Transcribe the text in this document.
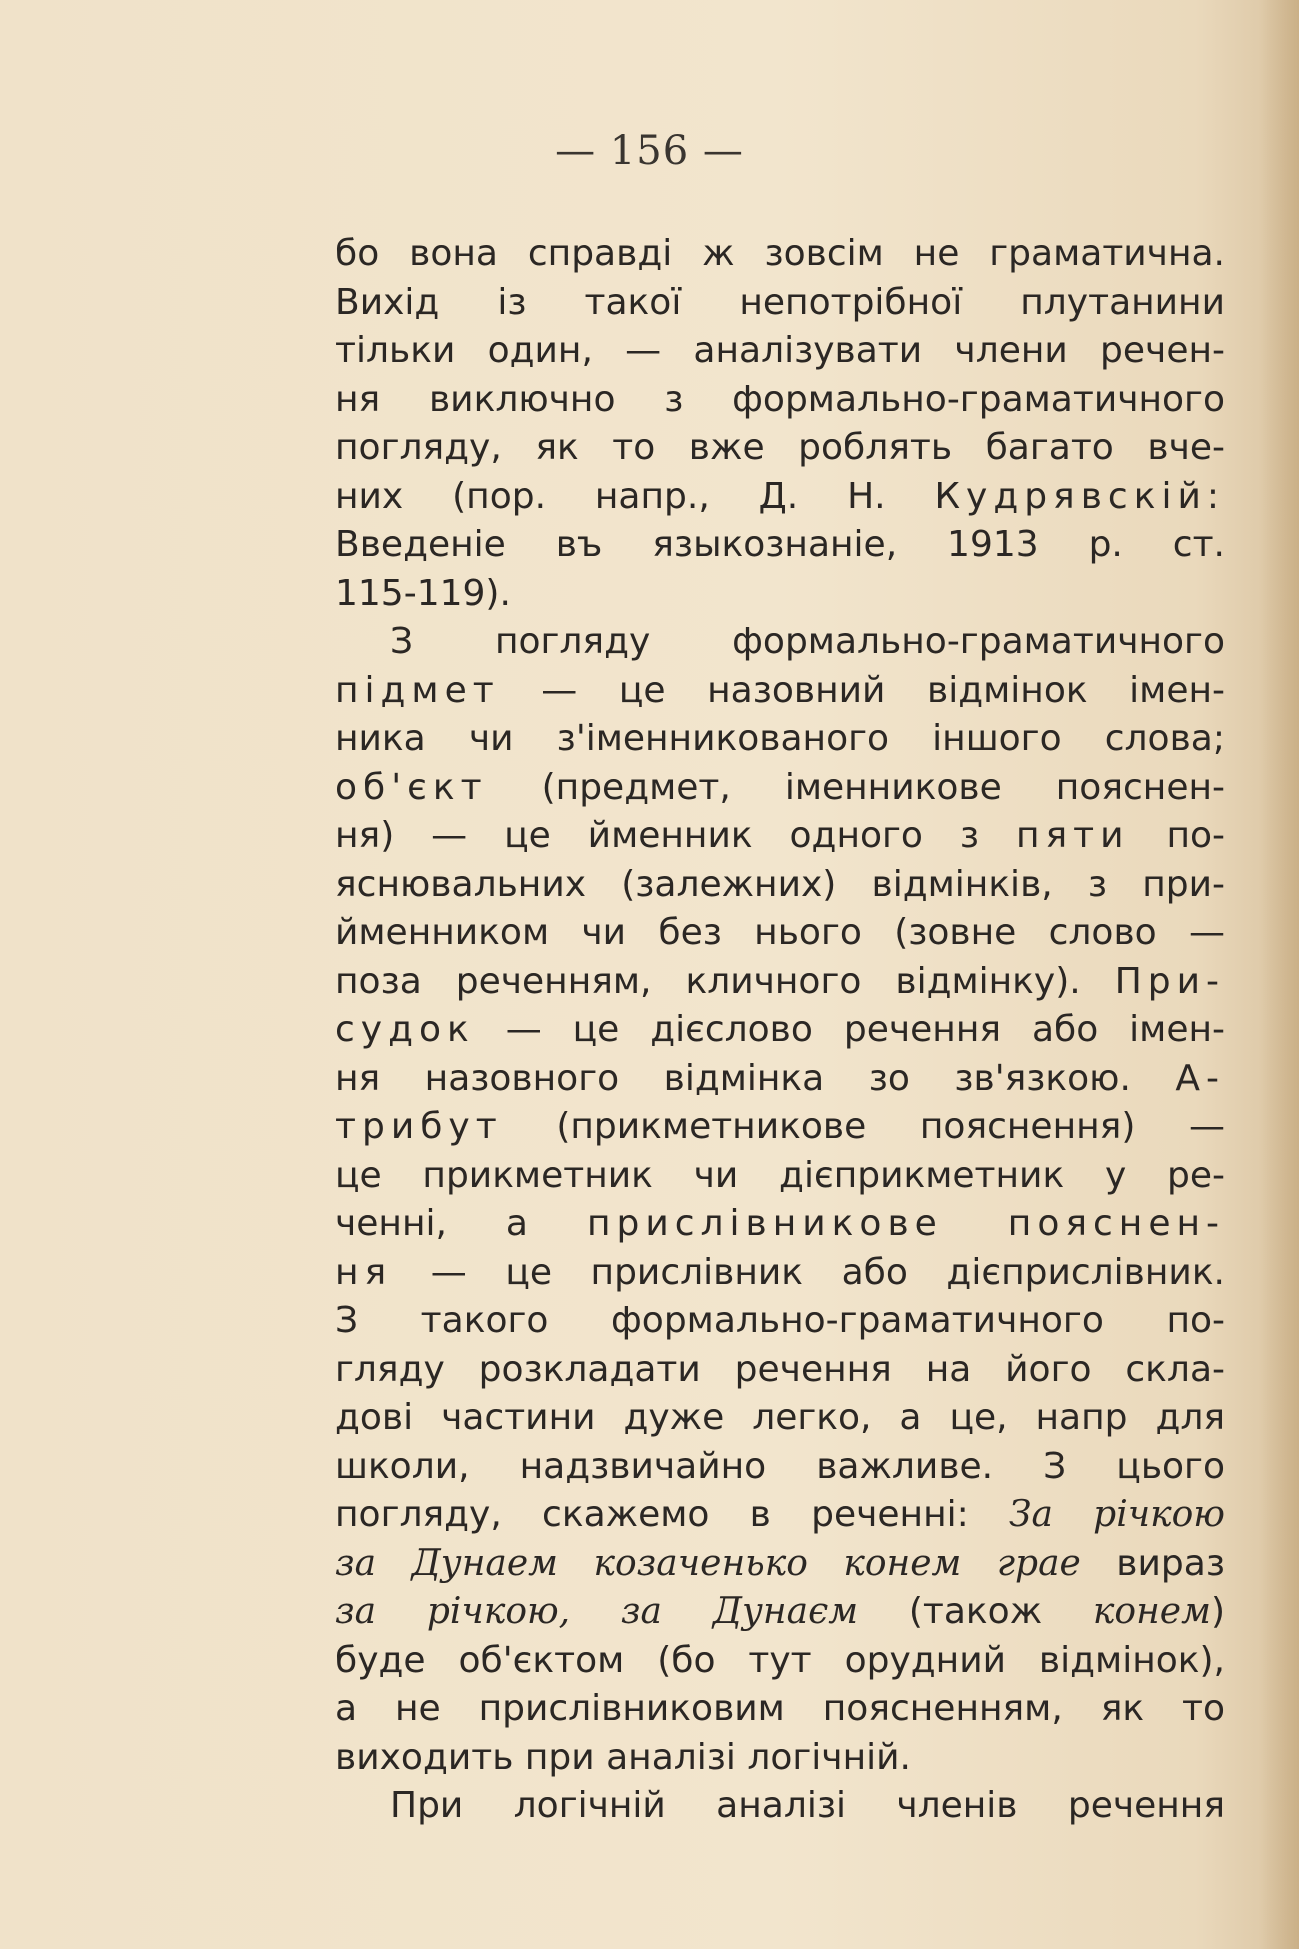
— 156 —
бо вона справді ж зовсім не граматична.
Вихід із такої непотрібної плутанини
тільки один, — аналізувати члени речен-
ня виключно з формально-граматичного
погляду, як то вже роблять багато вче-
них (пор. напр., Д. Н. Кудрявскій:
Введеніе въ языкознаніе, 1913 р. ст.
115-119).
З погляду формально-граматичного
підмет — це назовний відмінок імен-
ника чи з'іменникованого іншого слова;
об'єкт (предмет, іменникове пояснен-
ня) — це йменник одного з пяти по-
яснювальних (залежних) відмінків, з при-
йменником чи без нього (зовне слово —
поза реченням, кличного відмінку). При-
судок — це дієслово речення або імен-
ня назовного відмінка зо зв'язкою. А-
трибут (прикметникове пояснення) —
це прикметник чи дієприкметник у ре-
ченні, а прислівникове пояснен-
ня — це прислівник або дієприслівник.
З такого формально-граматичного по-
гляду розкладати речення на його скла-
дові частини дуже легко, а це, напр для
школи, надзвичайно важливе. З цього
погляду, скажемо в реченні: За річкою
за Дунаем козаченько конем грае вираз
за річкою, за Дунаєм (також конем)
буде об'єктом (бо тут орудний відмінок),
а не прислівниковим поясненням, як то
виходить при аналізі логічній.
При логічній аналізі членів речення
